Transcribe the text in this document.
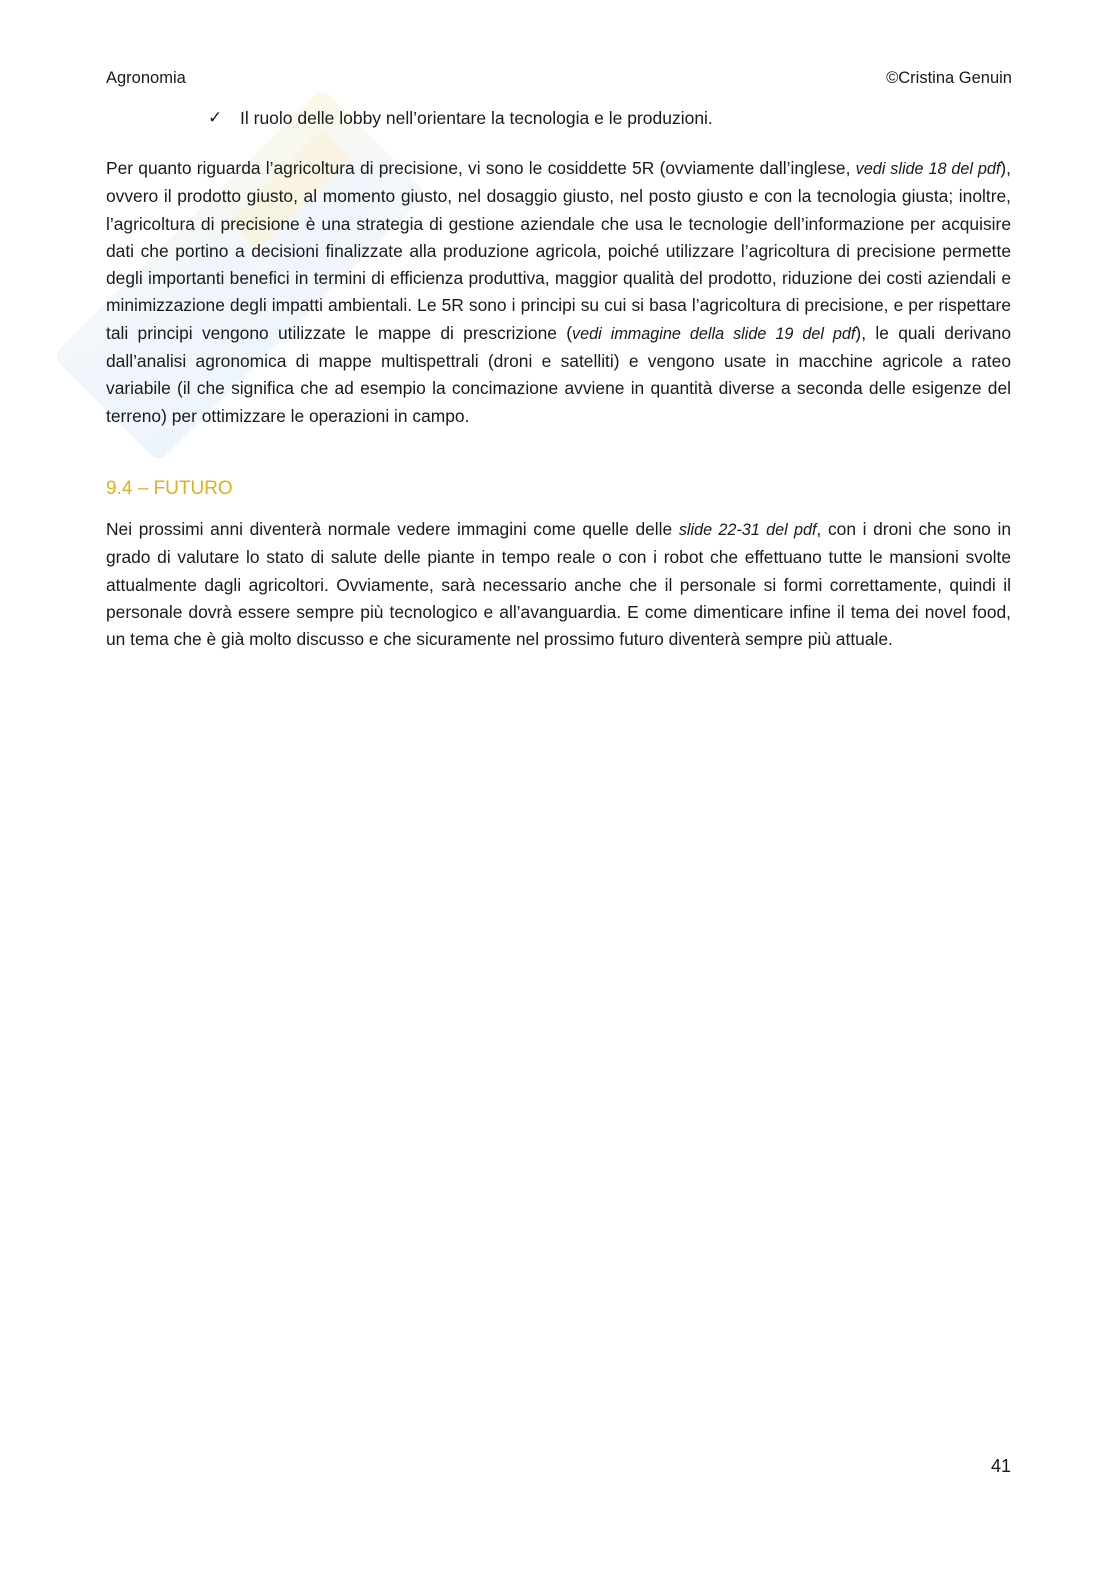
Agronomia	©Cristina Genuin
✓	Il ruolo delle lobby nell’orientare la tecnologia e le produzioni.
Per quanto riguarda l’agricoltura di precisione, vi sono le cosiddette 5R (ovviamente dall’inglese, vedi slide 18 del pdf), ovvero il prodotto giusto, al momento giusto, nel dosaggio giusto, nel posto giusto e con la tecnologia giusta; inoltre, l’agricoltura di precisione è una strategia di gestione aziendale che usa le tecnologie dell’informazione per acquisire dati che portino a decisioni finalizzate alla produzione agricola, poiché utilizzare l’agricoltura di precisione permette degli importanti benefici in termini di efficienza produttiva, maggior qualità del prodotto, riduzione dei costi aziendali e minimizzazione degli impatti ambientali. Le 5R sono i principi su cui si basa l’agricoltura di precisione, e per rispettare tali principi vengono utilizzate le mappe di prescrizione (vedi immagine della slide 19 del pdf), le quali derivano dall’analisi agronomica di mappe multispettrali (droni e satelliti) e vengono usate in macchine agricole a rateo variabile (il che significa che ad esempio la concimazione avviene in quantità diverse a seconda delle esigenze del terreno) per ottimizzare le operazioni in campo.
9.4 – FUTURO
Nei prossimi anni diventerà normale vedere immagini come quelle delle slide 22-31 del pdf, con i droni che sono in grado di valutare lo stato di salute delle piante in tempo reale o con i robot che effettuano tutte le mansioni svolte attualmente dagli agricoltori. Ovviamente, sarà necessario anche che il personale si formi correttamente, quindi il personale dovrà essere sempre più tecnologico e all’avanguardia. E come dimenticare infine il tema dei novel food, un tema che è già molto discusso e che sicuramente nel prossimo futuro diventerà sempre più attuale.
41
